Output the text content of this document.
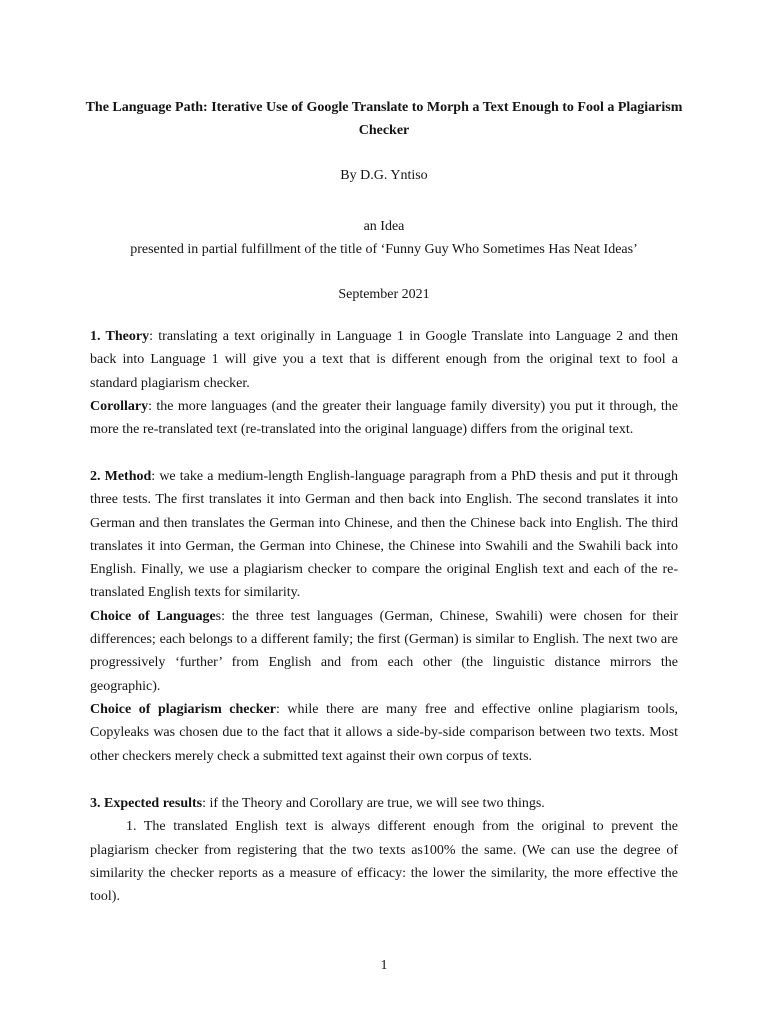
The Language Path: Iterative Use of Google Translate to Morph a Text Enough to Fool a Plagiarism Checker

By D.G. Yntiso

an Idea

presented in partial fulfillment of the title of ‘Funny Guy Who Sometimes Has Neat Ideas’

September 2021

1. Theory: translating a text originally in Language 1 in Google Translate into Language 2 and then back into Language 1 will give you a text that is different enough from the original text to fool a standard plagiarism checker.

Corollary: the more languages (and the greater their language family diversity) you put it through, the more the re-translated text (re-translated into the original language) differs from the original text.

2. Method: we take a medium-length English-language paragraph from a PhD thesis and put it through three tests. The first translates it into German and then back into English. The second translates it into German and then translates the German into Chinese, and then the Chinese back into English. The third translates it into German, the German into Chinese, the Chinese into Swahili and the Swahili back into English. Finally, we use a plagiarism checker to compare the original English text and each of the re-translated English texts for similarity.

Choice of Languages: the three test languages (German, Chinese, Swahili) were chosen for their differences; each belongs to a different family; the first (German) is similar to English. The next two are progressively ‘further’ from English and from each other (the linguistic distance mirrors the geographic).

Choice of plagiarism checker: while there are many free and effective online plagiarism tools, Copyleaks was chosen due to the fact that it allows a side-by-side comparison between two texts. Most other checkers merely check a submitted text against their own corpus of texts.

3. Expected results: if the Theory and Corollary are true, we will see two things.

1. The translated English text is always different enough from the original to prevent the plagiarism checker from registering that the two texts as100% the same. (We can use the degree of similarity the checker reports as a measure of efficacy: the lower the similarity, the more effective the tool).

1
